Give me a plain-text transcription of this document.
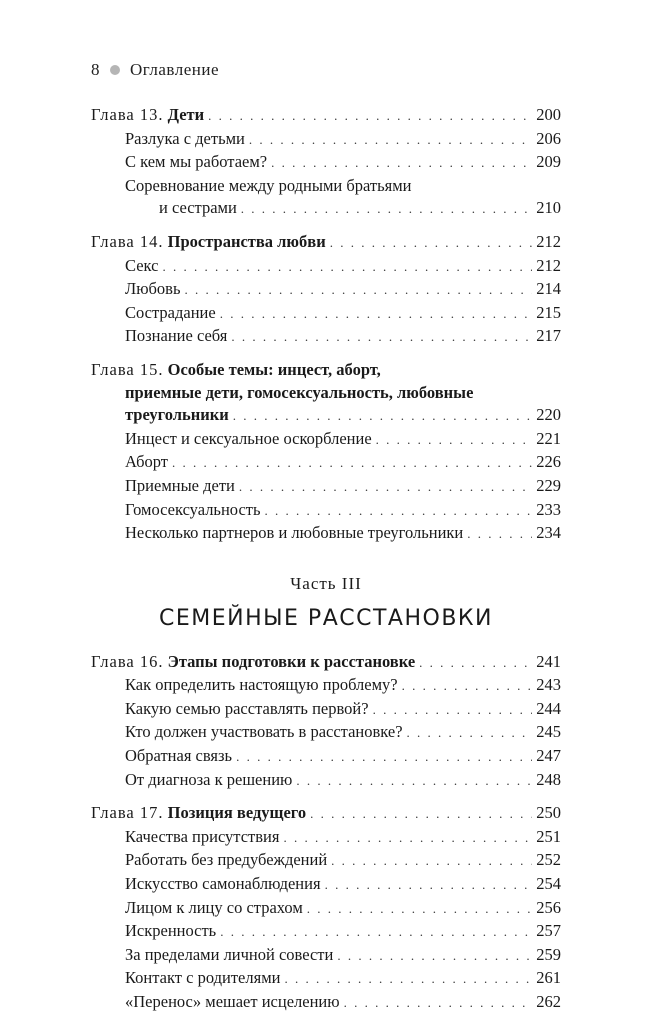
8 Оглавление
Глава 13. Дети . . .	200
Разлука с детьми . . .	206
С кем мы работаем? . . .	209
Соревнование между родными братьями
и сестрами . . .	210
Глава 14. Пространства любви . . .	212
Секс . . .	212
Любовь . . .	214
Сострадание . . .	215
Познание себя . . .	217
Глава 15. Особые темы: инцест, аборт,
приемные дети, гомосексуальность, любовные
треугольники . . .	220
Инцест и сексуальное оскорбление . . .	221
Аборт . . .	226
Приемные дети . . .	229
Гомосексуальность . . .	233
Несколько партнеров и любовные треугольники . . .	234
Часть III
СЕМЕЙНЫЕ РАССТАНОВКИ
Глава 16. Этапы подготовки к расстановке . . .	241
Как определить настоящую проблему? . . .	243
Какую семью расставлять первой? . . .	244
Кто должен участвовать в расстановке? . . .	245
Обратная связь . . .	247
От диагноза к решению . . .	248
Глава 17. Позиция ведущего . . .	250
Качества присутствия . . .	251
Работать без предубеждений . . .	252
Искусство самонаблюдения . . .	254
Лицом к лицу со страхом . . .	256
Искренность . . .	257
За пределами личной совести . . .	259
Контакт с родителями . . .	261
«Перенос» мешает исцелению . . .	262
